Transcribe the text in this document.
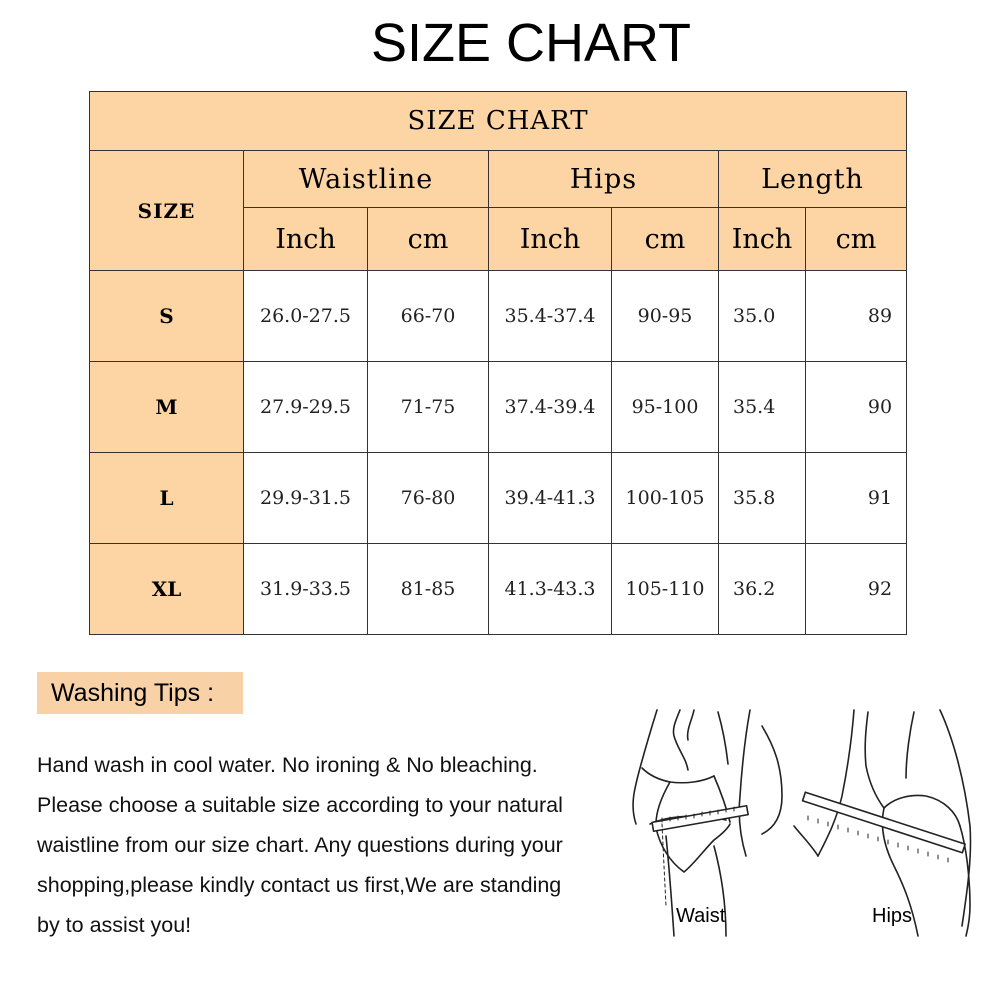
SIZE CHART
SIZE CHART						
SIZE	Waistline		Hips		Length	
	Inch	cm	Inch	cm	Inch	cm
S	26.0-27.5	66-70	35.4-37.4	90-95	35.0	89
M	27.9-29.5	71-75	37.4-39.4	95-100	35.4	90
L	29.9-31.5	76-80	39.4-41.3	100-105	35.8	91
XL	31.9-33.5	81-85	41.3-43.3	105-110	36.2	92
Washing Tips :
Hand wash in cool water. No ironing & No bleaching.
Please choose a suitable size according to your natural
waistline from our size chart. Any questions during your
shopping,please kindly contact us first,We are standing
by to assist you!	Waist	Hips
